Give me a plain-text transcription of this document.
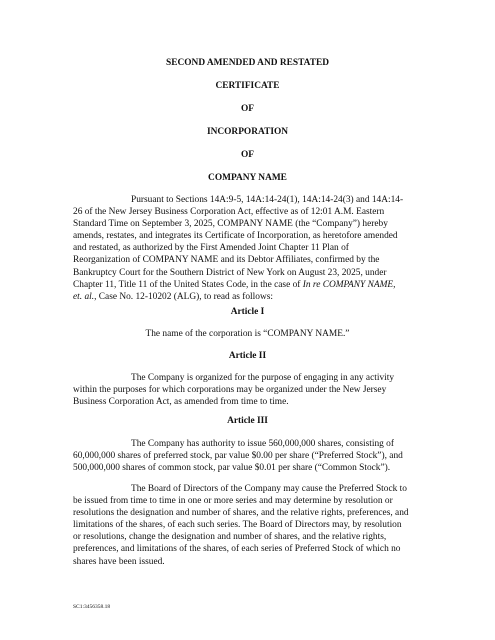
SECOND AMENDED AND RESTATED
CERTIFICATE
OF
INCORPORATION
OF
COMPANY NAME
Pursuant to Sections 14A:9-5, 14A:14-24(1), 14A:14-24(3) and 14A:14-
26 of the New Jersey Business Corporation Act, effective as of 12:01 A.M. Eastern
Standard Time on September 3, 2025, COMPANY NAME (the “Company”) hereby
amends, restates, and integrates its Certificate of Incorporation, as heretofore amended
and restated, as authorized by the First Amended Joint Chapter 11 Plan of
Reorganization of COMPANY NAME and its Debtor Affiliates, confirmed by the
Bankruptcy Court for the Southern District of New York on August 23, 2025, under
Chapter 11, Title 11 of the United States Code, in the case of In re COMPANY NAME,
et. al., Case No. 12-10202 (ALG), to read as follows:
Article I
The name of the corporation is “COMPANY NAME.”
Article II
The Company is organized for the purpose of engaging in any activity
within the purposes for which corporations may be organized under the New Jersey
Business Corporation Act, as amended from time to time.
Article III
The Company has authority to issue 560,000,000 shares, consisting of
60,000,000 shares of preferred stock, par value $0.00 per share (“Preferred Stock”), and
500,000,000 shares of common stock, par value $0.01 per share (“Common Stock”).
The Board of Directors of the Company may cause the Preferred Stock to
be issued from time to time in one or more series and may determine by resolution or
resolutions the designation and number of shares, and the relative rights, preferences, and
limitations of the shares, of each such series. The Board of Directors may, by resolution
or resolutions, change the designation and number of shares, and the relative rights,
preferences, and limitations of the shares, of each series of Preferred Stock of which no
shares have been issued.
SC1:3456358.18
